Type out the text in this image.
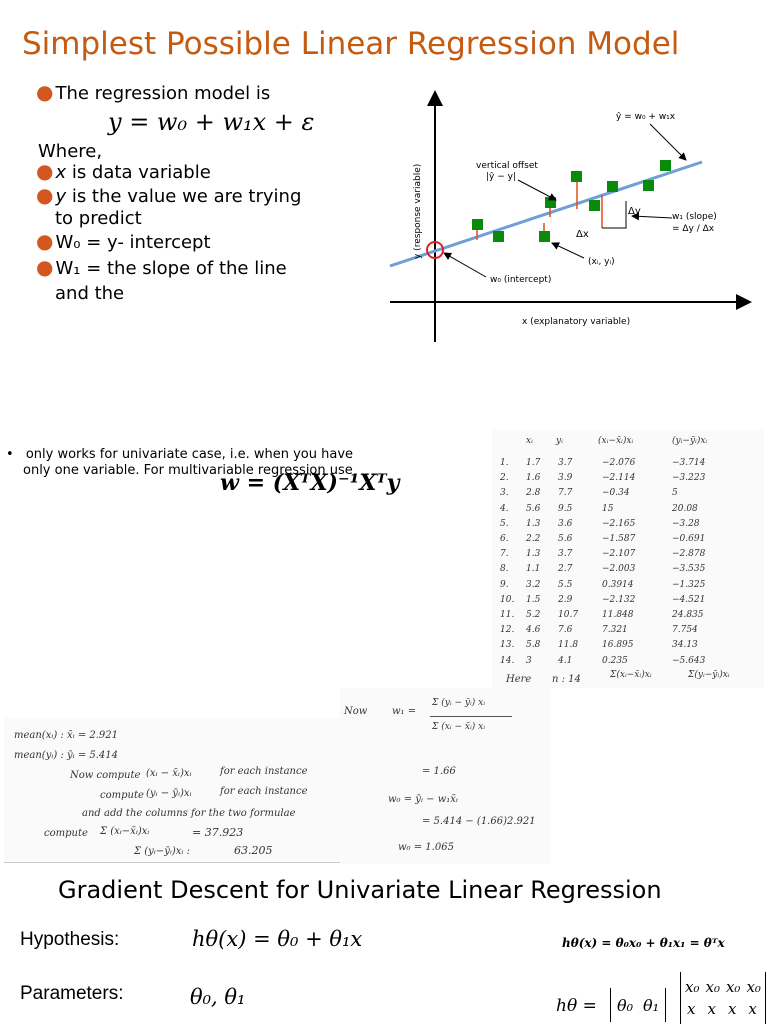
Simplest Possible Linear Regression Model
● The regression model is
y = w₀ + w₁x + ε
Where,
● x is data variable
● y is the value we are trying
to predict
● W₀ = y- intercept
● W₁ = the slope of the line
and the
ŷ = w₀ + w₁x
vertical offset
|ŷ − y|
Δy
Δx
w₁ (slope)
= Δy / Δx
(xᵢ, yᵢ)
w₀ (intercept)
x (explanatory variable)
y (response variable)
• only works for univariate case, i.e. when you have
only one variable. For multivariable regression use
w = (XᵀX)⁻¹Xᵀy
xᵢ	yᵢ	(xᵢ−x̄ᵢ)xᵢ	(yᵢ−ȳᵢ)xᵢ
1. 1.7 3.7	−2.076	−3.714
2. 1.6 3.9	−2.114	−3.223
3. 2.8 7.7	−0.34	5
4. 5.6 9.5	15	20.08
5. 1.3 3.6	−2.165	−3.28
6. 2.2 5.6	−1.587	−0.691
7. 1.3 3.7	−2.107	−2.878
8. 1.1 2.7	−2.003	−3.535
9. 3.2 5.5	0.3914	−1.325
10. 1.5 2.9	−2.132	−4.521
11. 5.2 10.7	11.848	24.835
12. 4.6 7.6	7.321	7.754
13. 5.8 11.8	16.895	34.13
14. 3	4.1	0.235	−5.643
Here n : 14	Σ(xᵢ−x̄ᵢ)xᵢ	Σ(yᵢ−ȳᵢ)xᵢ
mean(xᵢ) : x̄ᵢ = 2.921
mean(yᵢ) : ȳᵢ = 5.414
Now compute (xᵢ − x̄ᵢ)xᵢ	for each instance
compute (yᵢ − ȳᵢ)xᵢ	for each instance
and add the columns for the two formulae
compute Σ (xᵢ−x̄ᵢ)xᵢ	= 37.923
Σ (yᵢ−ȳᵢ)xᵢ :	63.205
Now w₁ =
Σ (yᵢ − ȳᵢ) xᵢ
Σ (xᵢ − x̄ᵢ) xᵢ
= 1.66
w₀ = ȳᵢ − w₁x̄ᵢ
= 5.414 − (1.66)2.921
w₀ = 1.065
Gradient Descent for Univariate Linear Regression
Hypothesis:	hθ(x) = θ₀ + θ₁x
Parameters:	θ₀, θ₁
hθ(x) = θ₀x₀ + θ₁x₁ = θᵀx
hθ = θ₀ θ₁
x₀ x₀ x₀ x₀
x x x x
